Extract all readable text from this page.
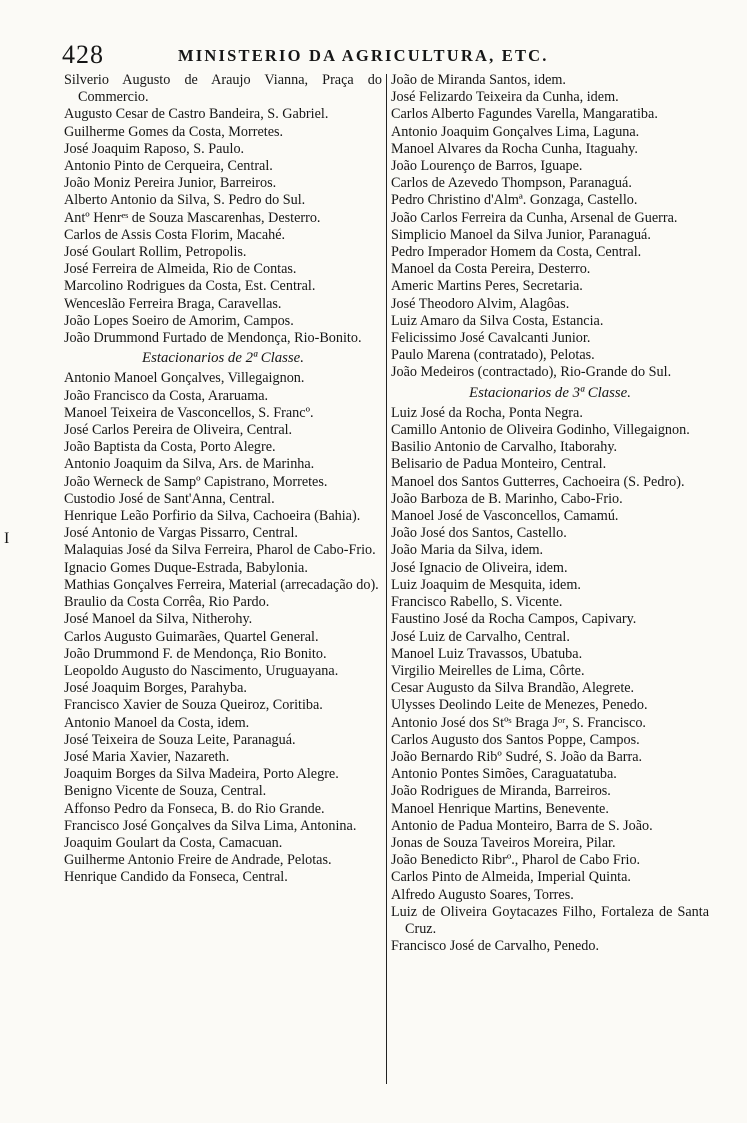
428	MINISTERIO DA AGRICULTURA, ETC.
I

Silverio Augusto de Araujo Vianna, Praça do Commercio.

Augusto Cesar de Castro Bandeira, S. Gabriel.

Guilherme Gomes da Costa, Morretes.

José Joaquim Raposo, S. Paulo.

Antonio Pinto de Cerqueira, Central.

João Moniz Pereira Junior, Barreiros.

Alberto Antonio da Silva, S. Pedro do Sul.

Antº Henrᵉˢ de Souza Mascarenhas, Desterro.

Carlos de Assis Costa Florim, Macahé.

José Goulart Rollim, Petropolis.

José Ferreira de Almeida, Rio de Contas.

Marcolino Rodrigues da Costa, Est. Central.

Wenceslão Ferreira Braga, Caravellas.

João Lopes Soeiro de Amorim, Campos.

João Drummond Furtado de Mendonça, Rio-Bonito.

Estacionarios de 2ª Classe.

Antonio Manoel Gonçalves, Villegaignon.

João Francisco da Costa, Araruama.

Manoel Teixeira de Vasconcellos, S. Francº.

José Carlos Pereira de Oliveira, Central.

João Baptista da Costa, Porto Alegre.

Antonio Joaquim da Silva, Ars. de Marinha.

João Werneck de Sampº Capistrano, Morretes.

Custodio José de Sant'Anna, Central.

Henrique Leão Porfirio da Silva, Cachoeira (Bahia).

José Antonio de Vargas Pissarro, Central.

Malaquias José da Silva Ferreira, Pharol de Cabo-Frio.

Ignacio Gomes Duque-Estrada, Babylonia.

Mathias Gonçalves Ferreira, Material (arrecadação do).

Braulio da Costa Corrêa, Rio Pardo.

José Manoel da Silva, Nitherohy.

Carlos Augusto Guimarães, Quartel General.

João Drummond F. de Mendonça, Rio Bonito.

Leopoldo Augusto do Nascimento, Uruguayana.

José Joaquim Borges, Parahyba.

Francisco Xavier de Souza Queiroz, Coritiba.

Antonio Manoel da Costa, idem.

José Teixeira de Souza Leite, Paranaguá.

José Maria Xavier, Nazareth.

Joaquim Borges da Silva Madeira, Porto Alegre.

Benigno Vicente de Souza, Central.

Affonso Pedro da Fonseca, B. do Rio Grande.

Francisco José Gonçalves da Silva Lima, Antonina.

Joaquim Goulart da Costa, Camacuan.

Guilherme Antonio Freire de Andrade, Pelotas.

Henrique Candido da Fonseca, Central.

João de Miranda Santos, idem.

José Felizardo Teixeira da Cunha, idem.

Carlos Alberto Fagundes Varella, Mangaratiba.

Antonio Joaquim Gonçalves Lima, Laguna.

Manoel Alvares da Rocha Cunha, Itaguahy.

João Lourenço de Barros, Iguape.

Carlos de Azevedo Thompson, Paranaguá.

Pedro Christino d'Almª. Gonzaga, Castello.

João Carlos Ferreira da Cunha, Arsenal de Guerra.

Simplicio Manoel da Silva Junior, Paranaguá.

Pedro Imperador Homem da Costa, Central.

Manoel da Costa Pereira, Desterro.

Americ Martins Peres, Secretaria.

José Theodoro Alvim, Alagôas.

Luiz Amaro da Silva Costa, Estancia.

Felicissimo José Cavalcanti Junior.

Paulo Marena (contratado), Pelotas.

João Medeiros (contractado), Rio-Grande do Sul.

Estacionarios de 3ª Classe.

Luiz José da Rocha, Ponta Negra.

Camillo Antonio de Oliveira Godinho, Villegaignon.

Basilio Antonio de Carvalho, Itaborahy.

Belisario de Padua Monteiro, Central.

Manoel dos Santos Gutterres, Cachoeira (S. Pedro).

João Barboza de B. Marinho, Cabo-Frio.

Manoel José de Vasconcellos, Camamú.

João José dos Santos, Castello.

João Maria da Silva, idem.

José Ignacio de Oliveira, idem.

Luiz Joaquim de Mesquita, idem.

Francisco Rabello, S. Vicente.

Faustino José da Rocha Campos, Capivary.

José Luiz de Carvalho, Central.

Manoel Luiz Travassos, Ubatuba.

Virgilio Meirelles de Lima, Côrte.

Cesar Augusto da Silva Brandão, Alegrete.

Ulysses Deolindo Leite de Menezes, Penedo.

Antonio José dos Stºˢ Braga Jᵒʳ, S. Francisco.

Carlos Augusto dos Santos Poppe, Campos.

João Bernardo Ribº Sudré, S. João da Barra.

Antonio Pontes Simões, Caraguatatuba.

João Rodrigues de Miranda, Barreiros.

Manoel Henrique Martins, Benevente.

Antonio de Padua Monteiro, Barra de S. João.

Jonas de Souza Taveiros Moreira, Pilar.

João Benedicto Ribrº., Pharol de Cabo Frio.

Carlos Pinto de Almeida, Imperial Quinta.

Alfredo Augusto Soares, Torres.

Luiz de Oliveira Goytacazes Filho, Fortaleza de Santa Cruz.

Francisco José de Carvalho, Penedo.
